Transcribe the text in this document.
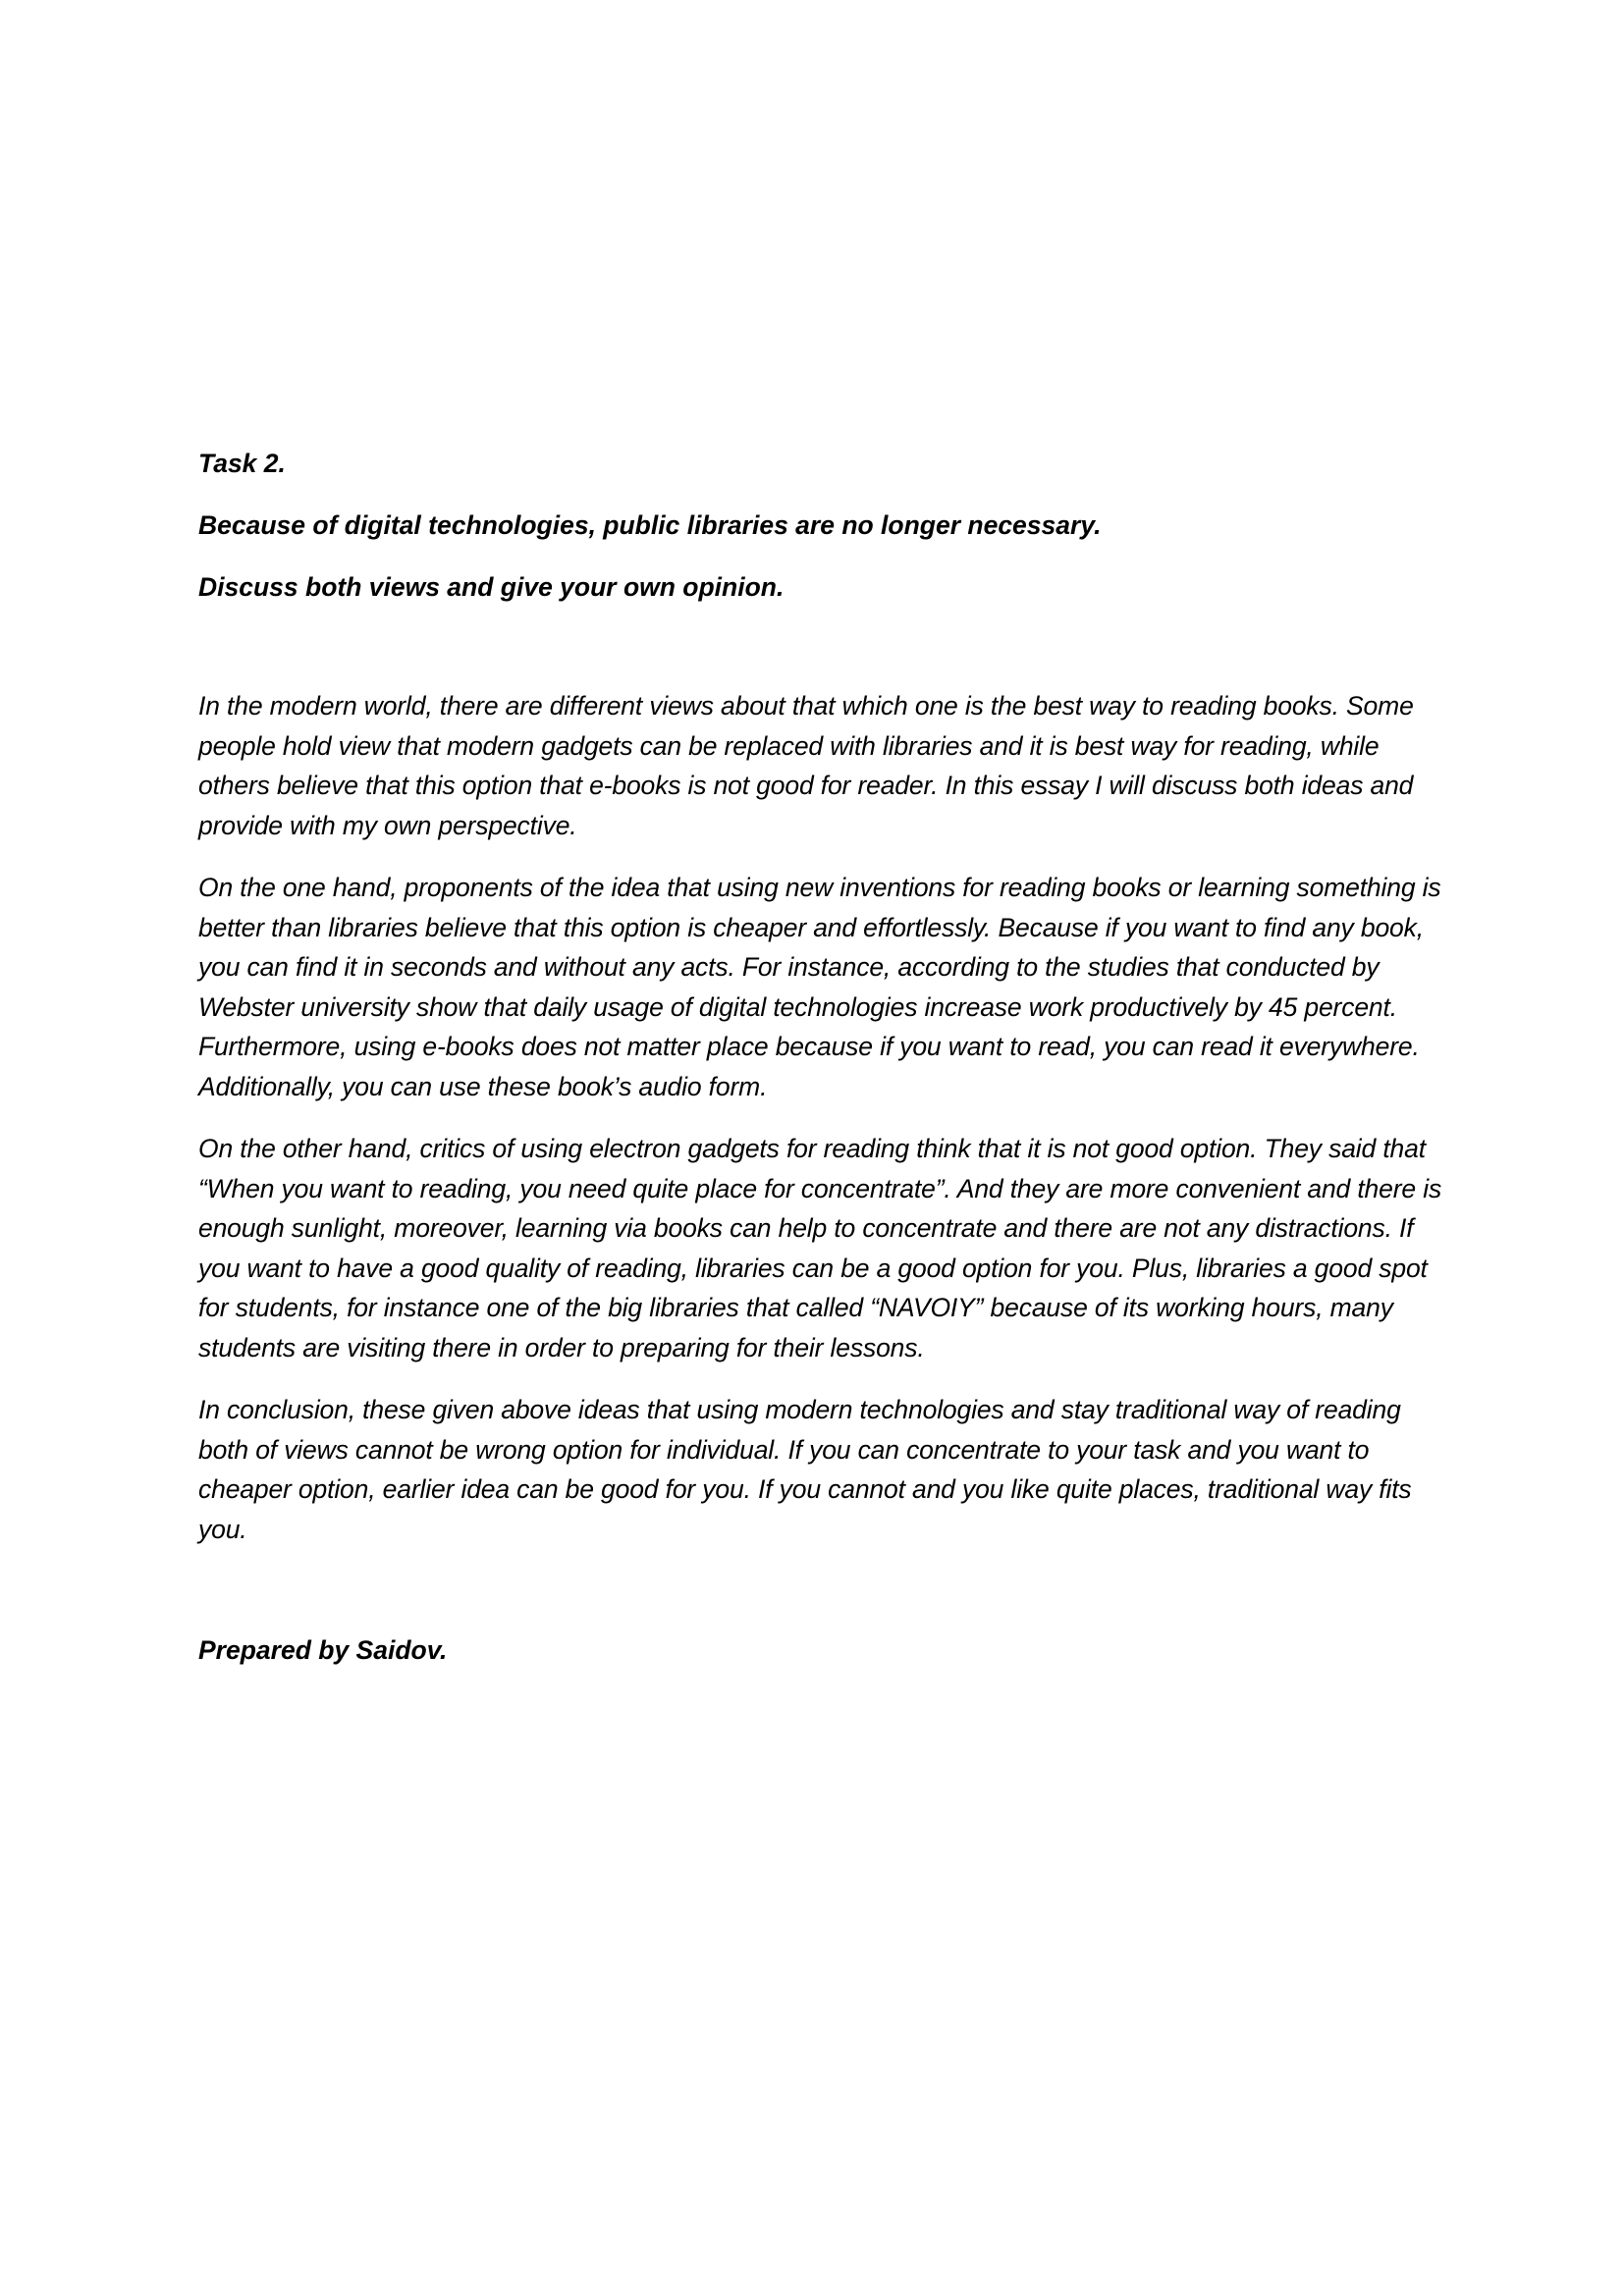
Task 2.

Because of digital technologies, public libraries are no longer necessary.

Discuss both views and give your own opinion.

In the modern world, there are different views about that which one is the best way to reading books. Some people hold view that modern gadgets can be replaced with libraries and it is best way for reading, while others believe that this option that e-books is not good for reader. In this essay I will discuss both ideas and provide with my own perspective.

On the one hand, proponents of the idea that using new inventions for reading books or learning something is better than libraries believe that this option is cheaper and effortlessly. Because if you want to find any book, you can find it in seconds and without any acts. For instance, according to the studies that conducted by Webster university show that daily usage of digital technologies increase work productively by 45 percent. Furthermore, using e-books does not matter place because if you want to read, you can read it everywhere. Additionally, you can use these book’s audio form.

On the other hand, critics of using electron gadgets for reading think that it is not good option. They said that “When you want to reading, you need quite place for concentrate”. And they are more convenient and there is enough sunlight, moreover, learning via books can help to concentrate and there are not any distractions. If you want to have a good quality of reading, libraries can be a good option for you. Plus, libraries a good spot for students, for instance one of the big libraries that called “NAVOIY” because of its working hours, many students are visiting there in order to preparing for their lessons.

In conclusion, these given above ideas that using modern technologies and stay traditional way of reading both of views cannot be wrong option for individual. If you can concentrate to your task and you want to cheaper option, earlier idea can be good for you. If you cannot and you like quite places, traditional way fits you.

Prepared by Saidov.
